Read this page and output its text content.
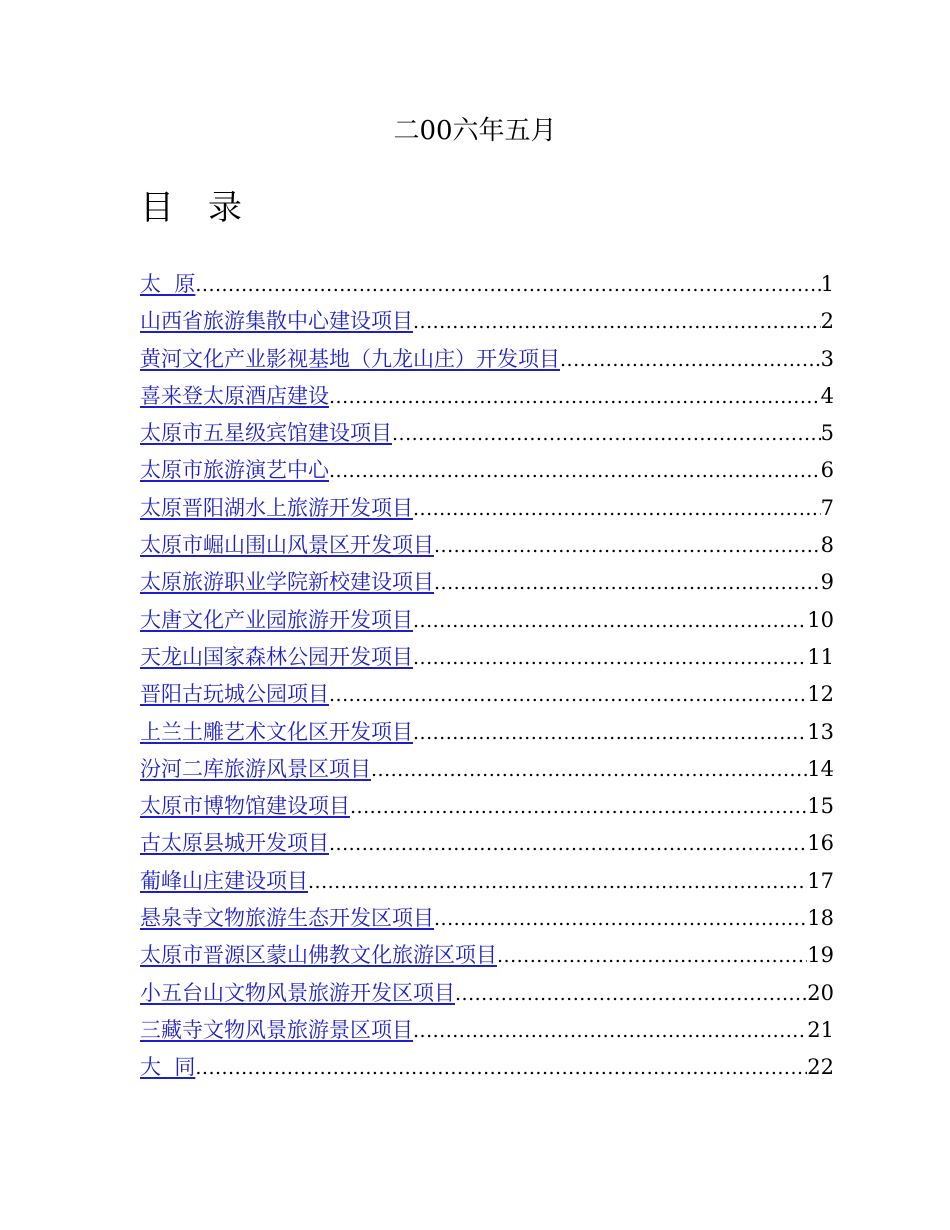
二00六年五月
目 录
太  原 .....	1
山西省旅游集散中心建设项目 .....	2
黄河文化产业影视基地（九龙山庄）开发项目 .....	3
喜来登太原酒店建设 .....	4
太原市五星级宾馆建设项目 .....	5
太原市旅游演艺中心 .....	6
太原晋阳湖水上旅游开发项目 .....	7
太原市崛山围山风景区开发项目 .....	8
太原旅游职业学院新校建设项目 .....	9
大唐文化产业园旅游开发项目 .....	10
天龙山国家森林公园开发项目 .....	11
晋阳古玩城公园项目 .....	12
上兰土雕艺术文化区开发项目 .....	13
汾河二库旅游风景区项目 .....	14
太原市博物馆建设项目 .....	15
古太原县城开发项目 .....	16
葡峰山庄建设项目 .....	17
悬泉寺文物旅游生态开发区项目 .....	18
太原市晋源区蒙山佛教文化旅游区项目 .....	19
小五台山文物风景旅游开发区项目 .....	20
三藏寺文物风景旅游景区项目 .....	21
大  同 .....	22
